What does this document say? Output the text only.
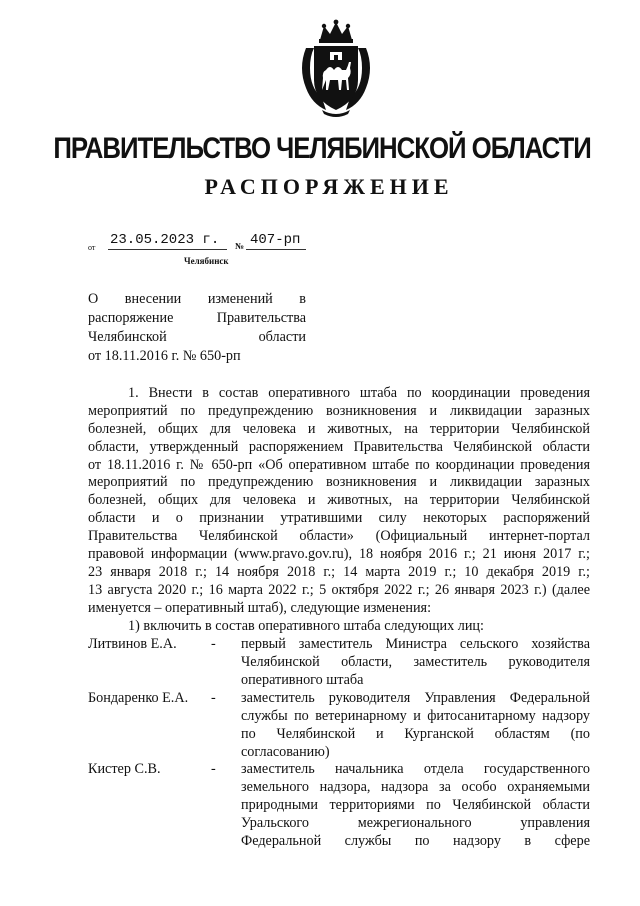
ПРАВИТЕЛЬСТВО ЧЕЛЯБИНСКОЙ ОБЛАСТИ
РАСПОРЯЖЕНИЕ
от 23.05.2023 г. № 407-рп
Челябинск
О внесении изменений в
распоряжение Правительства
Челябинской области
от 18.11.2016 г. № 650-рп
1. Внести в состав оперативного штаба по координации проведения
мероприятий по предупреждению возникновения и ликвидации заразных
болезней, общих для человека и животных, на территории Челябинской
области, утвержденный распоряжением Правительства Челябинской области
от 18.11.2016 г. № 650-рп «Об оперативном штабе по координации проведения
мероприятий по предупреждению возникновения и ликвидации заразных
болезней, общих для человека и животных, на территории Челябинской
области и о признании утратившими силу некоторых распоряжений
Правительства Челябинской области» (Официальный интернет-портал
правовой информации (www.pravo.gov.ru), 18 ноября 2016 г.; 21 июня 2017 г.;
23 января 2018 г.; 14 ноября 2018 г.; 14 марта 2019 г.; 10 декабря 2019 г.;
13 августа 2020 г.; 16 марта 2022 г.; 5 октября 2022 г.; 26 января 2023 г.) (далее
именуется – оперативный штаб), следующие изменения:
1) включить в состав оперативного штаба следующих лиц:
Литвинов Е.А. - первый заместитель Министра сельского хозяйства
Челябинской области, заместитель руководителя
оперативного штаба
Бондаренко Е.А. - заместитель руководителя Управления Федеральной
службы по ветеринарному и фитосанитарному надзору
по Челябинской и Курганской областям (по
согласованию)
Кистер С.В.	- заместитель начальника отдела государственного
земельного надзора, надзора за особо охраняемыми
природными территориями по Челябинской области
Уральского межрегионального управления
Федеральной службы по надзору в сфере
